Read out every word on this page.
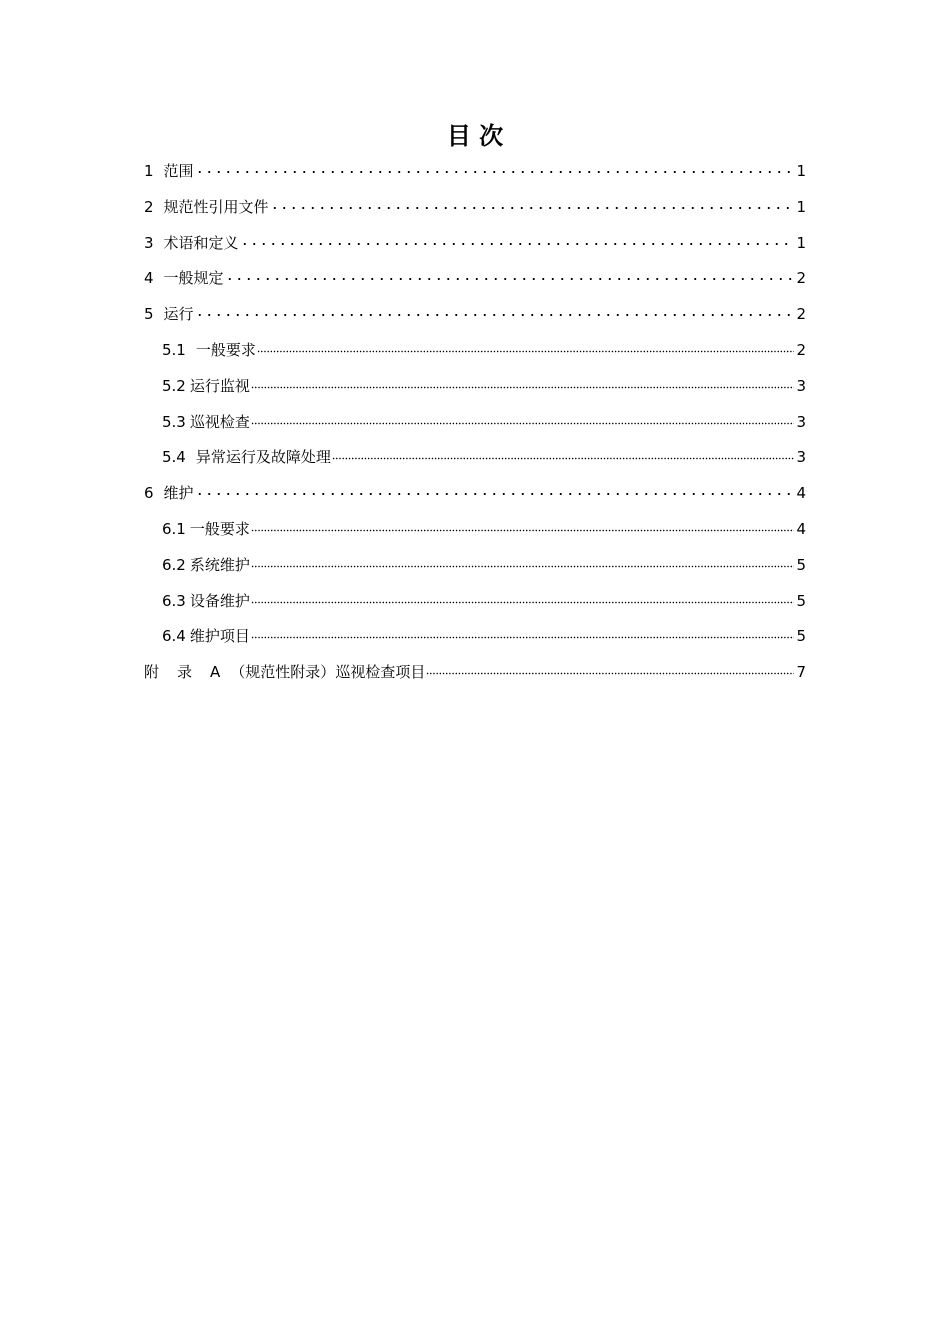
目 次
1 范围	1
2 规范性引用文件	1
3 术语和定义	1
4 一般规定	2
5 运行	2
5.1 一般要求	2
5.2 运行监视	3
5.3 巡视检查	3
5.4 异常运行及故障处理	3
6 维护	4
6.1 一般要求	4
6.2 系统维护	5
6.3 设备维护	5
6.4 维护项目	5
附 录 A （规范性附录）巡视检查项目	7
